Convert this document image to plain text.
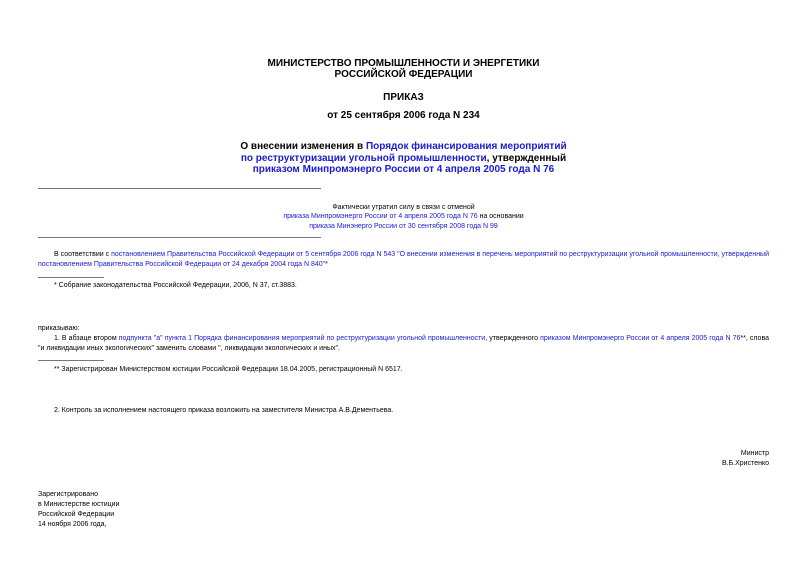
МИНИСТЕРСТВО ПРОМЫШЛЕННОСТИ И ЭНЕРГЕТИКИ
РОССИЙСКОЙ ФЕДЕРАЦИИ
ПРИКАЗ
от 25 сентября 2006 года N 234
О внесении изменения в Порядок финансирования мероприятий
по реструктуризации угольной промышленности, утвержденный
приказом Минпромэнерго России от 4 апреля 2005 года N 76
Фактически утратил силу в связи с отменой
приказа Минпромэнерго России от 4 апреля 2005 года N 76 на основании
приказа Минэнерго России от 30 сентября 2008 года N 99
В соответствии с постановлением Правительства Российской Федерации от 5 сентября 2006 года N 543 "О внесении изменения в перечень мероприятий по реструктуризации угольной промышленности, утвержденный постановлением Правительства Российской Федерации от 24 декабря 2004 года N 840"*
* Собрание законодательства Российской Федерации, 2006, N 37, ст.3883.
приказываю:
1. В абзаце втором подпункта "а" пункта 1 Порядка финансирования мероприятий по реструктуризации угольной промышленности, утвержденного приказом Минпромэнерго России от 4 апреля 2005 года N 76**, слова "и ликвидации иных экологических" заменить словами ", ликвидации экологических и иных".
** Зарегистрирован Министерством юстиции Российской Федерации 18.04.2005, регистрационный N 6517.
2. Контроль за исполнением настоящего приказа возложить на заместителя Министра А.В.Дементьева.
Министр
В.Б.Христенко
Зарегистрировано
в Министерстве юстиции
Российской Федерации
14 ноября 2006 года,
